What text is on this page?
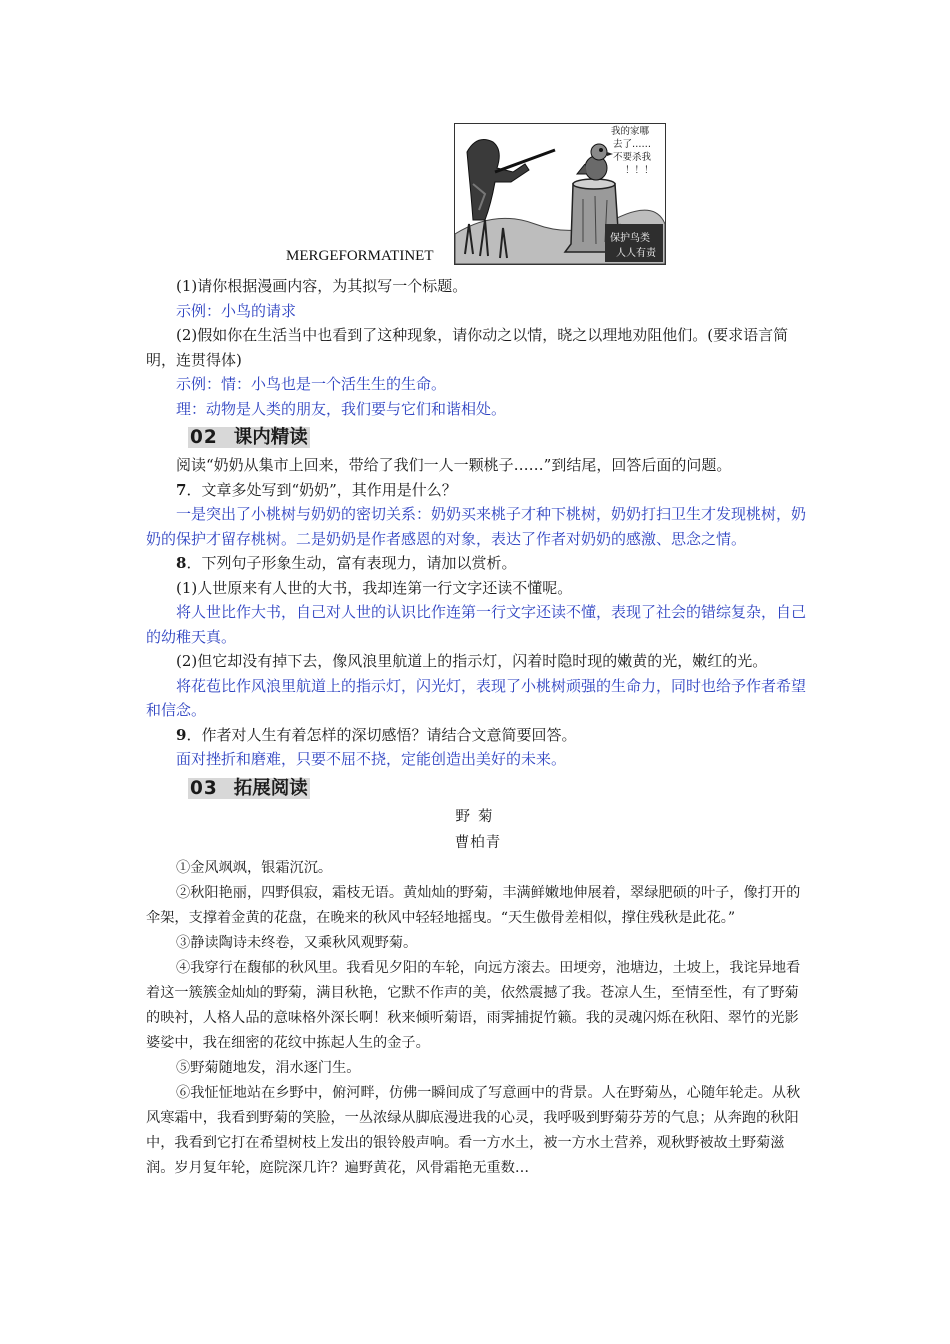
MERGEFORMATINET
保护鸟类
人人有责
我的家哪
去了……
不要杀我
！！！

(1)请你根据漫画内容，为其拟写一个标题。

示例：小鸟的请求

(2)假如你在生活当中也看到了这种现象，请你动之以情，晓之以理地劝阻他们。(要求语言简明，连贯得体)

示例：情：小鸟也是一个活生生的生命。

理：动物是人类的朋友，我们要与它们和谐相处。

02 课内精读

阅读“奶奶从集市上回来，带给了我们一人一颗桃子……”到结尾，回答后面的问题。

7．文章多处写到“奶奶”，其作用是什么？

一是突出了小桃树与奶奶的密切关系：奶奶买来桃子才种下桃树，奶奶打扫卫生才发现桃树，奶奶的保护才留存桃树。二是奶奶是作者感恩的对象，表达了作者对奶奶的感激、思念之情。

8．下列句子形象生动，富有表现力，请加以赏析。

(1)人世原来有人世的大书，我却连第一行文字还读不懂呢。

将人世比作大书，自己对人世的认识比作连第一行文字还读不懂，表现了社会的错综复杂，自己的幼稚天真。

(2)但它却没有掉下去，像风浪里航道上的指示灯，闪着时隐时现的嫩黄的光，嫩红的光。

将花苞比作风浪里航道上的指示灯，闪光灯，表现了小桃树顽强的生命力，同时也给予作者希望和信念。

9．作者对人生有着怎样的深切感悟？请结合文意简要回答。

面对挫折和磨难，只要不屈不挠，定能创造出美好的未来。

03 拓展阅读

野菊

曹柏青

①金风飒飒，银霜沉沉。

②秋阳艳丽，四野俱寂，霜枝无语。黄灿灿的野菊，丰满鲜嫩地伸展着，翠绿肥硕的叶子，像打开的伞架，支撑着金黄的花盘，在晚来的秋风中轻轻地摇曳。“天生傲骨差相似，撑住残秋是此花。”

③静读陶诗未终卷，又乘秋风观野菊。

④我穿行在馥郁的秋风里。我看见夕阳的车轮，向远方滚去。田埂旁，池塘边，土坡上，我诧异地看着这一簇簇金灿灿的野菊，满目秋艳，它默不作声的美，依然震撼了我。苍凉人生，至情至性，有了野菊的映衬，人格人品的意味格外深长啊！秋来倾听菊语，雨霁捕捉竹籁。我的灵魂闪烁在秋阳、翠竹的光影婆娑中，我在细密的花纹中拣起人生的金子。

⑤野菊随地发，涓水逐门生。

⑥我怔怔地站在乡野中，俯河畔，仿佛一瞬间成了写意画中的背景。人在野菊丛，心随年轮走。从秋风寒霜中，我看到野菊的笑脸，一丛浓绿从脚底漫进我的心灵，我呼吸到野菊芬芳的气息；从奔跑的秋阳中，我看到它打在希望树枝上发出的银铃般声响。看一方水土，被一方水土营养，观秋野被故土野菊滋润。岁月复年轮，庭院深几许？遍野黄花，风骨霜艳无重数…
